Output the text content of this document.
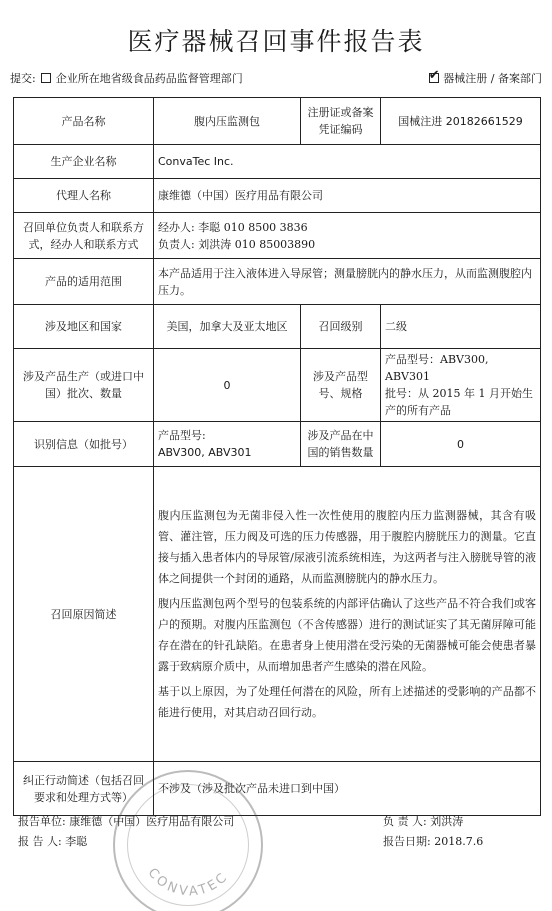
医疗器械召回事件报告表
提交: 企业所在地省级食品药品监督管理部门 ✔	器械注册 / 备案部门
产品名称	腹内压监测包	注册证或备案凭证编码	国械注进 20182661529
生产企业名称	ConvaTec Inc.		
代理人名称	康维德（中国）医疗用品有限公司		
召回单位负责人和联系方式，经办人和联系方式	经办人: 李聪 010 8500 3836
负责人: 刘洪涛 010 85003890		

产品的适用范围	本产品适用于注入液体进入导尿管；测量膀胱内的静水压力，从而监测腹腔内压力。		
涉及地区和国家	美国，加拿大及亚太地区	召回级别	二级
涉及产品生产（或进口中国）批次、数量	0	涉及产品型号、规格	产品型号：ABV300, ABV301
批号：从 2015 年 1 月开始生产的所有产品

识别信息（如批号）	产品型号:
ABV300, ABV301	涉及产品在中国的销售数量	0
召回原因简述	腹内压监测包为无菌非侵入性一次性使用的腹腔内压力监测器械，其含有吸管、灌注管，压力阀及可选的压力传感器，用于腹腔内膀胱压力的测量。它直接与插入患者体内的导尿管/尿液引流系统相连，为这两者与注入膀胱导管的液体之间提供一个封闭的通路，从而监测膀胱内的静水压力。

腹内压监测包两个型号的包装系统的内部评估确认了这些产品不符合我们或客户的预期。对腹内压监测包（不含传感器）进行的测试证实了其无菌屏障可能存在潜在的针孔缺陷。在患者身上使用潜在受污染的无菌器械可能会使患者暴露于致病原介质中，从而增加患者产生感染的潜在风险。

基于以上原因，为了处理任何潜在的风险，所有上述描述的受影响的产品都不能进行使用，对其启动召回行动。		

纠正行动简述（包括召回要求和处理方式等）	不涉及（涉及批次产品未进口到中国）		
CONVATEC
报告单位: 康维德（中国）医疗用品有限公司	负 责 人: 刘洪涛
报 告 人: 李聪	报告日期: 2018.7.6
